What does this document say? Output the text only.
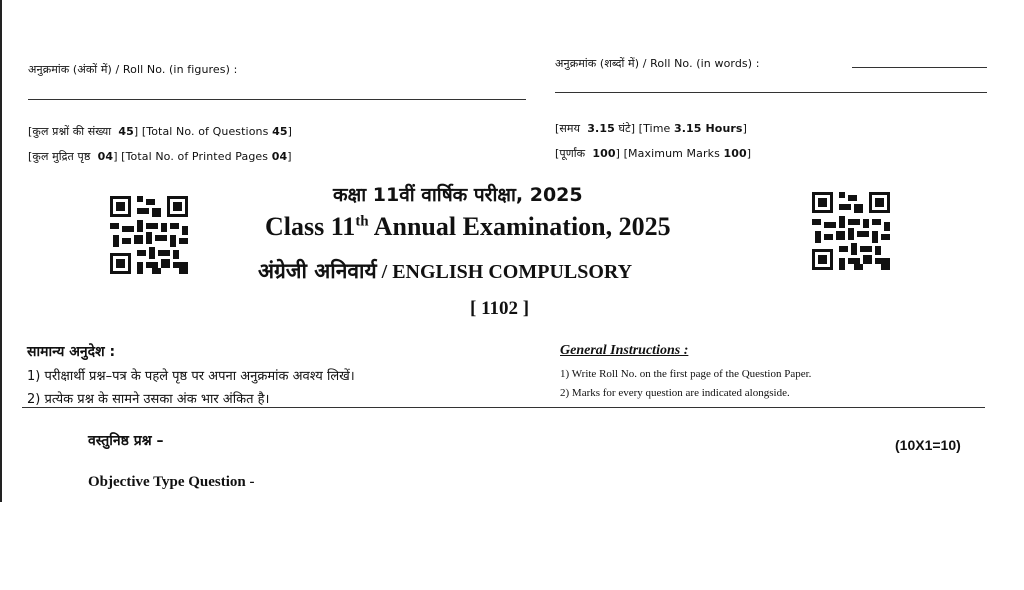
अनुक्रमांक (अंकों में) / Roll No. (in figures) :	अनुक्रमांक (शब्दों में) / Roll No. (in words) :
[कुल प्रश्नों की संख्या 45] [Total No. of Questions 45]
[कुल मुद्रित पृष्ठ 04] [Total No. of Printed Pages 04]
[समय 3.15 घंटे] [Time 3.15 Hours]
[पूर्णांक 100] [Maximum Marks 100]
कक्षा 11वीं वार्षिक परीक्षा, 2025
Class 11th Annual Examination, 2025
अंग्रेजी अनिवार्य / ENGLISH COMPULSORY
[ 1102 ]
सामान्य अनुदेश :
1) परीक्षार्थी प्रश्न–पत्र के पहले पृष्ठ पर अपना अनुक्रमांक अवश्य लिखें।
2) प्रत्येक प्रश्न के सामने उसका अंक भार अंकित है।
General Instructions :
1) Write Roll No. on the first page of the Question Paper.
2) Marks for every question are indicated alongside.
वस्तुनिष्ठ प्रश्न –	(10X1=10)
Objective Type Question -
